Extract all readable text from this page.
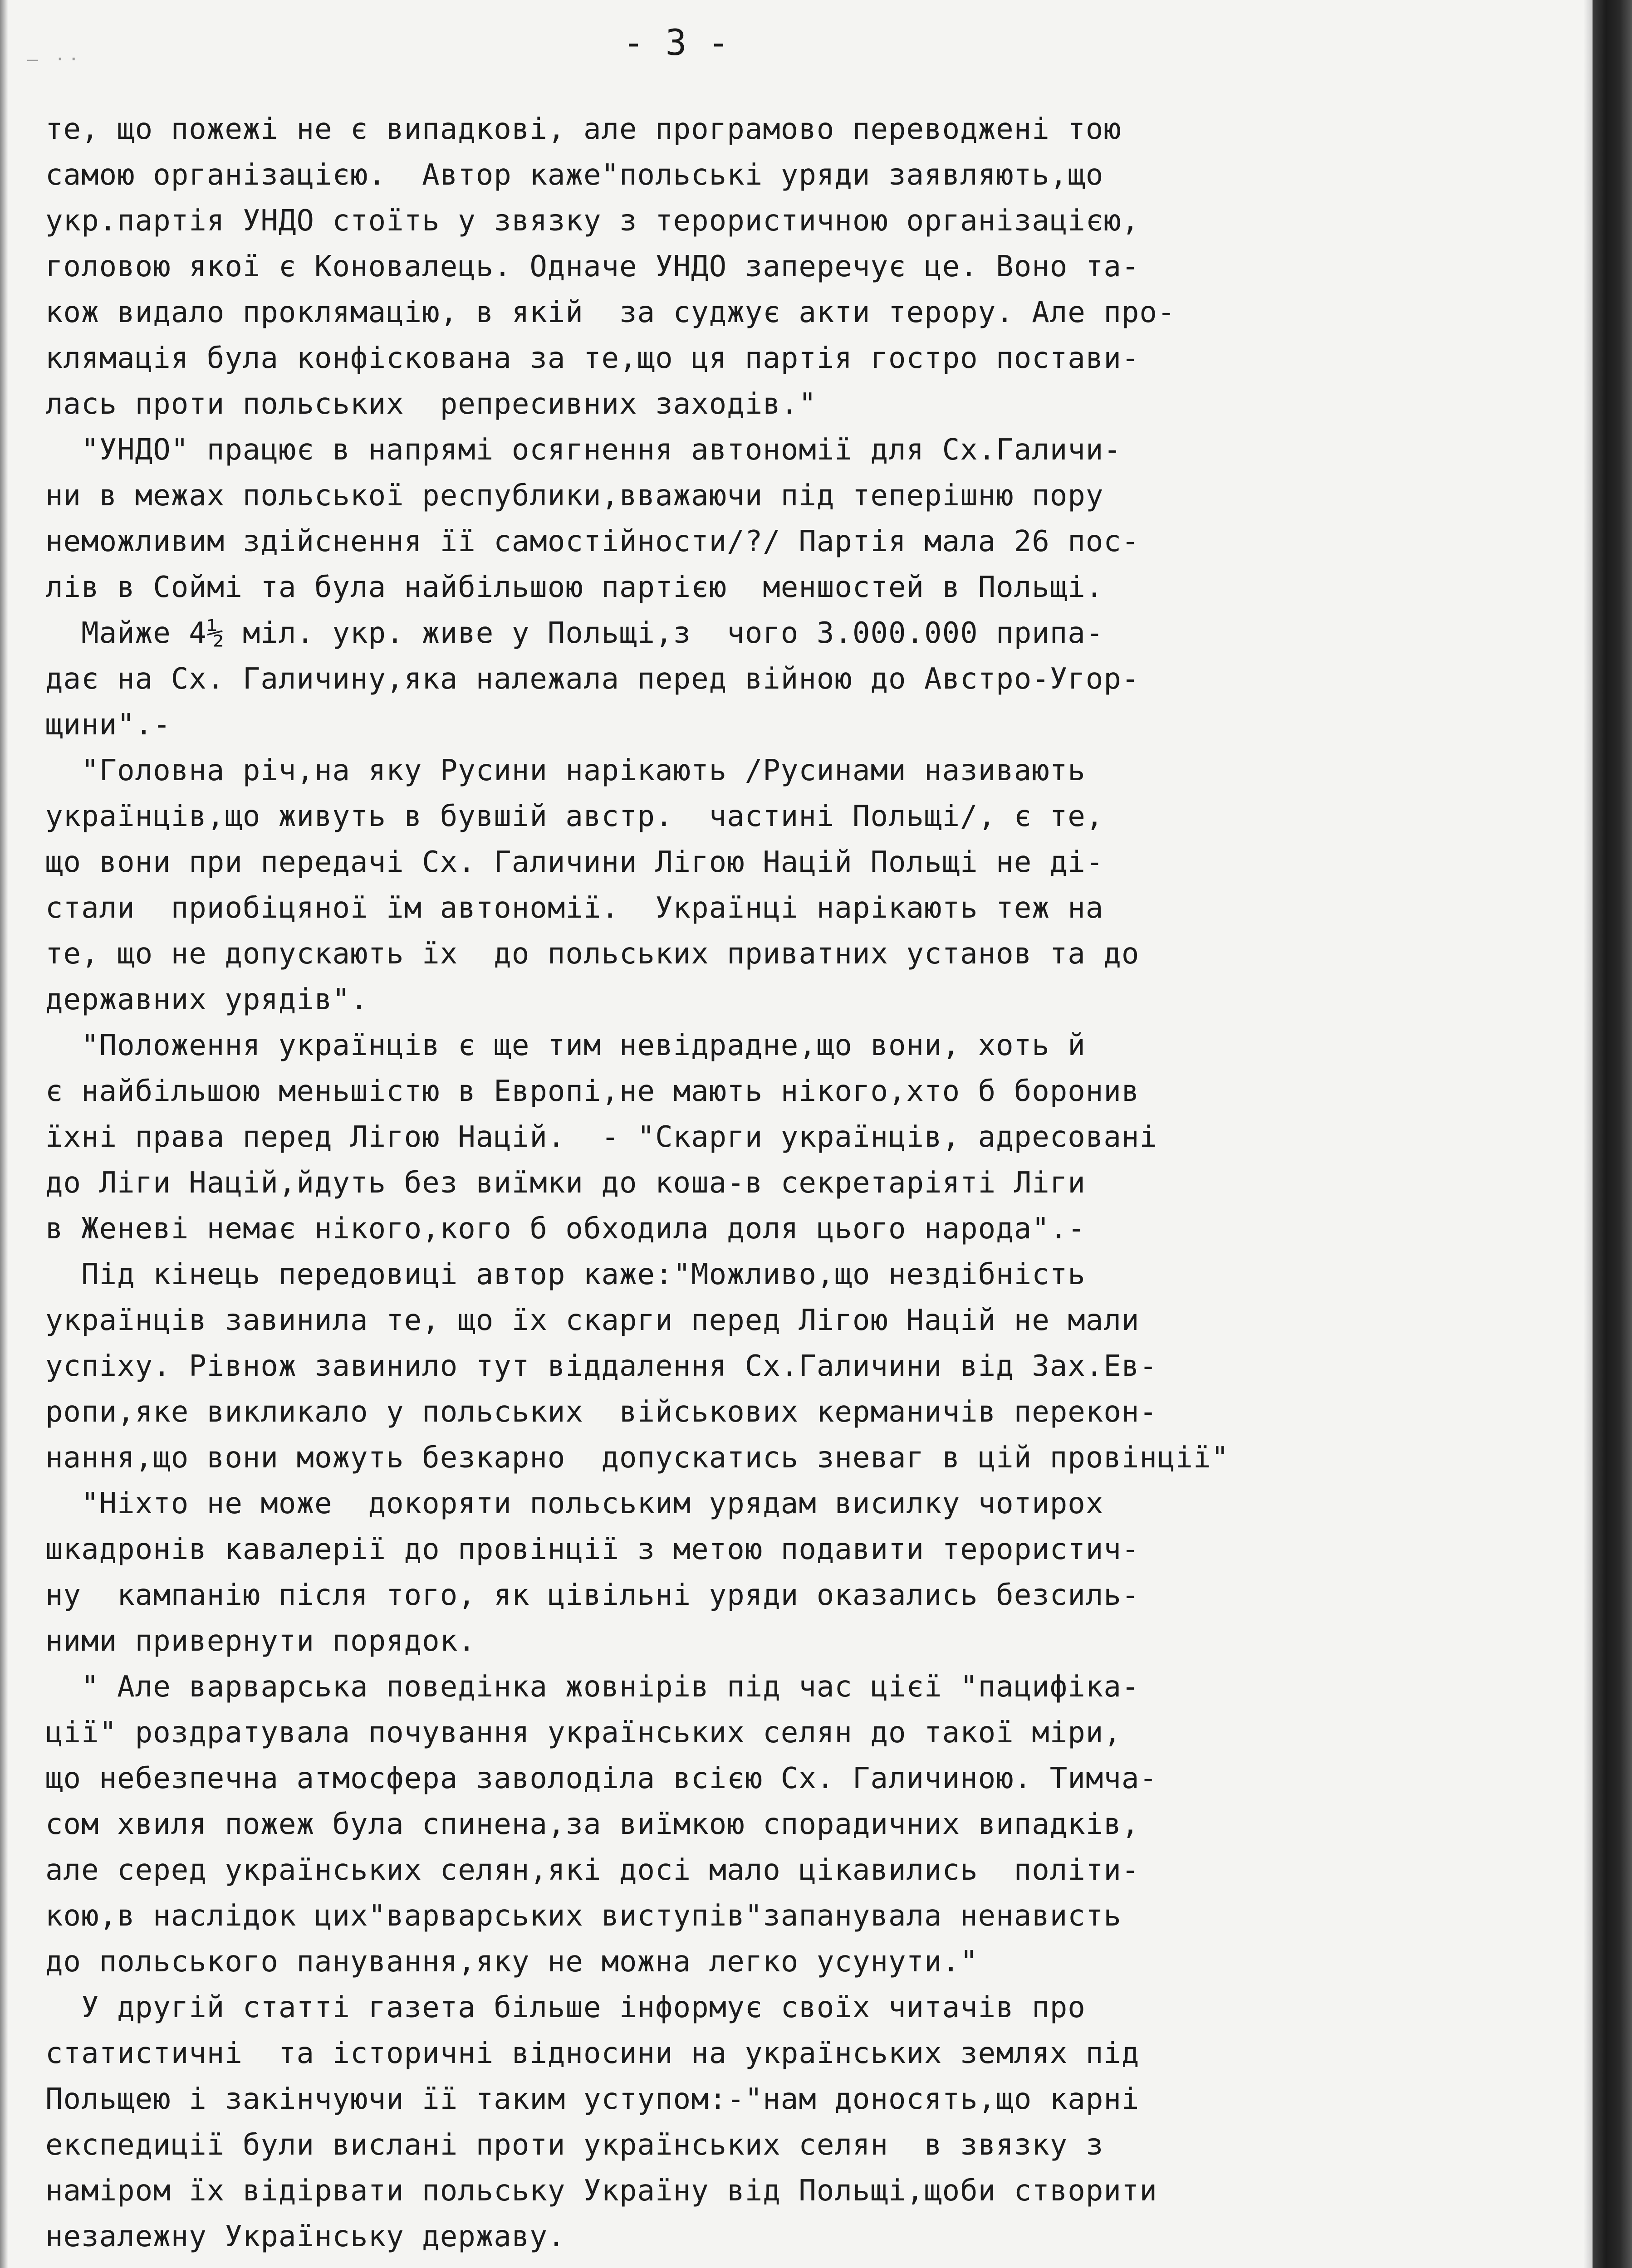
— ··	- 3 -
те, що пожежі не є випадкові, але програмово переводжені тою
самою організацією.  Автор каже"польські уряди заявляють,що
укр.партія УНДО стоїть у звязку з терористичною організацією,
головою якої є Коновалець. Одначе УНДО заперечує це. Воно та-
кож видало проклямацію, в якій  за суджує акти терору. Але про-
клямація була конфіскована за те,що ця партія гостро постави-
лась проти польських  репресивних заходів."
"УНДО" працює в напрямі осягнення автономії для Сх.Галичи-
ни в межах польської республики,вважаючи під теперішню пору
неможливим здійснення її самостійности/?/ Партія мала 26 пос-
лів в Соймі та була найбільшою партією  меншостей в Польщі.
Майже 4½ міл. укр. живе у Польщі,з  чого 3.000.000 припа-
дає на Сх. Галичину,яка належала перед війною до Австро-Угор-
щини".-
"Головна річ,на яку Русини нарікають /Русинами називають
українців,що живуть в бувшій австр.  частині Польщі/, є те,
що вони при передачі Сх. Галичини Лігою Націй Польщі не ді-
стали  приобіцяної їм автономії.  Українці нарікають теж на
те, що не допускають їх  до польських приватних установ та до
державних урядів".
"Положення українців є ще тим невідрадне,що вони, хоть й
є найбільшою меньшістю в Европі,не мають нікого,хто б боронив
їхні права перед Лігою Націй.  - "Скарги українців, адресовані
до Ліги Націй,йдуть без виїмки до коша-в секретаріяті Ліги
в Женеві немає нікого,кого б обходила доля цього народа".-
Під кінець передовиці автор каже:"Можливо,що нездібність
українців завинила те, що їх скарги перед Лігою Націй не мали
успіху. Рівнож завинило тут віддалення Сх.Галичини від Зах.Ев-
ропи,яке викликало у польських  військових керманичів перекон-
нання,що вони можуть безкарно  допускатись зневаг в цій провінції"
"Ніхто не може  докоряти польським урядам висилку чотирох
шкадронів кавалерії до провінції з метою подавити терористич-
ну  кампанію після того, як цівільні уряди оказались безсиль-
ними привернути порядок.
" Але варварська поведінка жовнірів під час цієї "пацифіка-
ції" роздратувала почування українських селян до такої міри,
що небезпечна атмосфера заволоділа всією Сх. Галичиною. Тимча-
сом хвиля пожеж була спинена,за виїмкою спорадичних випадків,
але серед українських селян,які досі мало цікавились  політи-
кою,в наслідок цих"варварських виступів"запанувала ненависть
до польського панування,яку не можна легко усунути."
У другій статті газета більше інформує своїх читачів про
статистичні  та історичні відносини на українських землях під
Польщею і закінчуючи її таким уступом:-"нам доносять,що карні
експедиції були вислані проти українських селян  в звязку з
наміром їх відірвати польську Україну від Польщі,щоби створити
незалежну Українську державу.
